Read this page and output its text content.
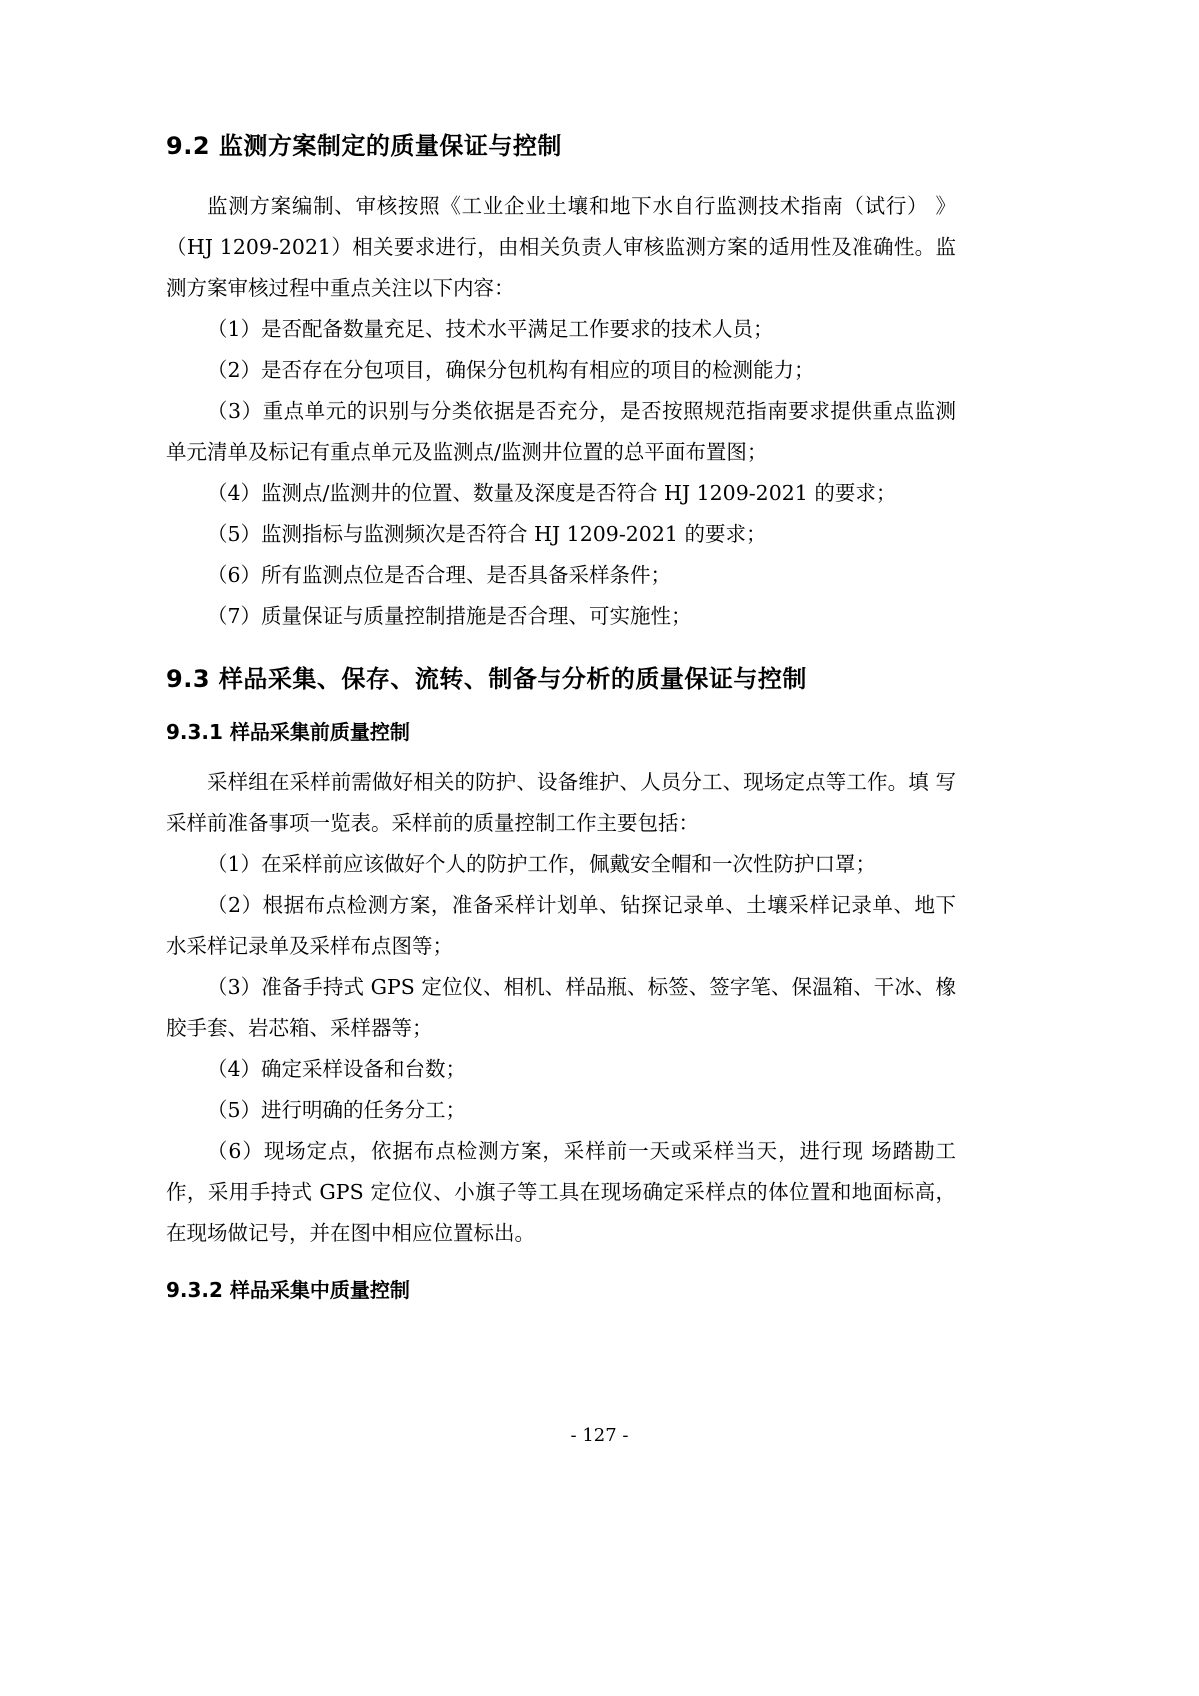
9.2 监测方案制定的质量保证与控制

监测方案编制、审核按照《工业企业土壤和地下水自行监测技术指南（试行） 》（HJ 1209-2021）相关要求进行，由相关负责人审核监测方案的适用性及准确性。监测方案审核过程中重点关注以下内容：

（1）是否配备数量充足、技术水平满足工作要求的技术人员；

（2）是否存在分包项目，确保分包机构有相应的项目的检测能力；

（3）重点单元的识别与分类依据是否充分，是否按照规范指南要求提供重点监测单元清单及标记有重点单元及监测点/监测井位置的总平面布置图；

（4）监测点/监测井的位置、数量及深度是否符合 HJ 1209-2021 的要求；

（5）监测指标与监测频次是否符合 HJ 1209-2021 的要求；

（6）所有监测点位是否合理、是否具备采样条件；

（7）质量保证与质量控制措施是否合理、可实施性；

9.3 样品采集、保存、流转、制备与分析的质量保证与控制
9.3.1 样品采集前质量控制

采样组在采样前需做好相关的防护、设备维护、人员分工、现场定点等工作。填 写采样前准备事项一览表。采样前的质量控制工作主要包括：

（1）在采样前应该做好个人的防护工作，佩戴安全帽和一次性防护口罩；

（2）根据布点检测方案，准备采样计划单、钻探记录单、土壤采样记录单、地下水采样记录单及采样布点图等；

（3）准备手持式 GPS 定位仪、相机、样品瓶、标签、签字笔、保温箱、干冰、橡胶手套、岩芯箱、采样器等；

（4）确定采样设备和台数；

（5）进行明确的任务分工；

（6）现场定点，依据布点检测方案，采样前一天或采样当天，进行现 场踏勘工作，采用手持式 GPS 定位仪、小旗子等工具在现场确定采样点的体位置和地面标高，在现场做记号，并在图中相应位置标出。

9.3.2 样品采集中质量控制
- 127 -
